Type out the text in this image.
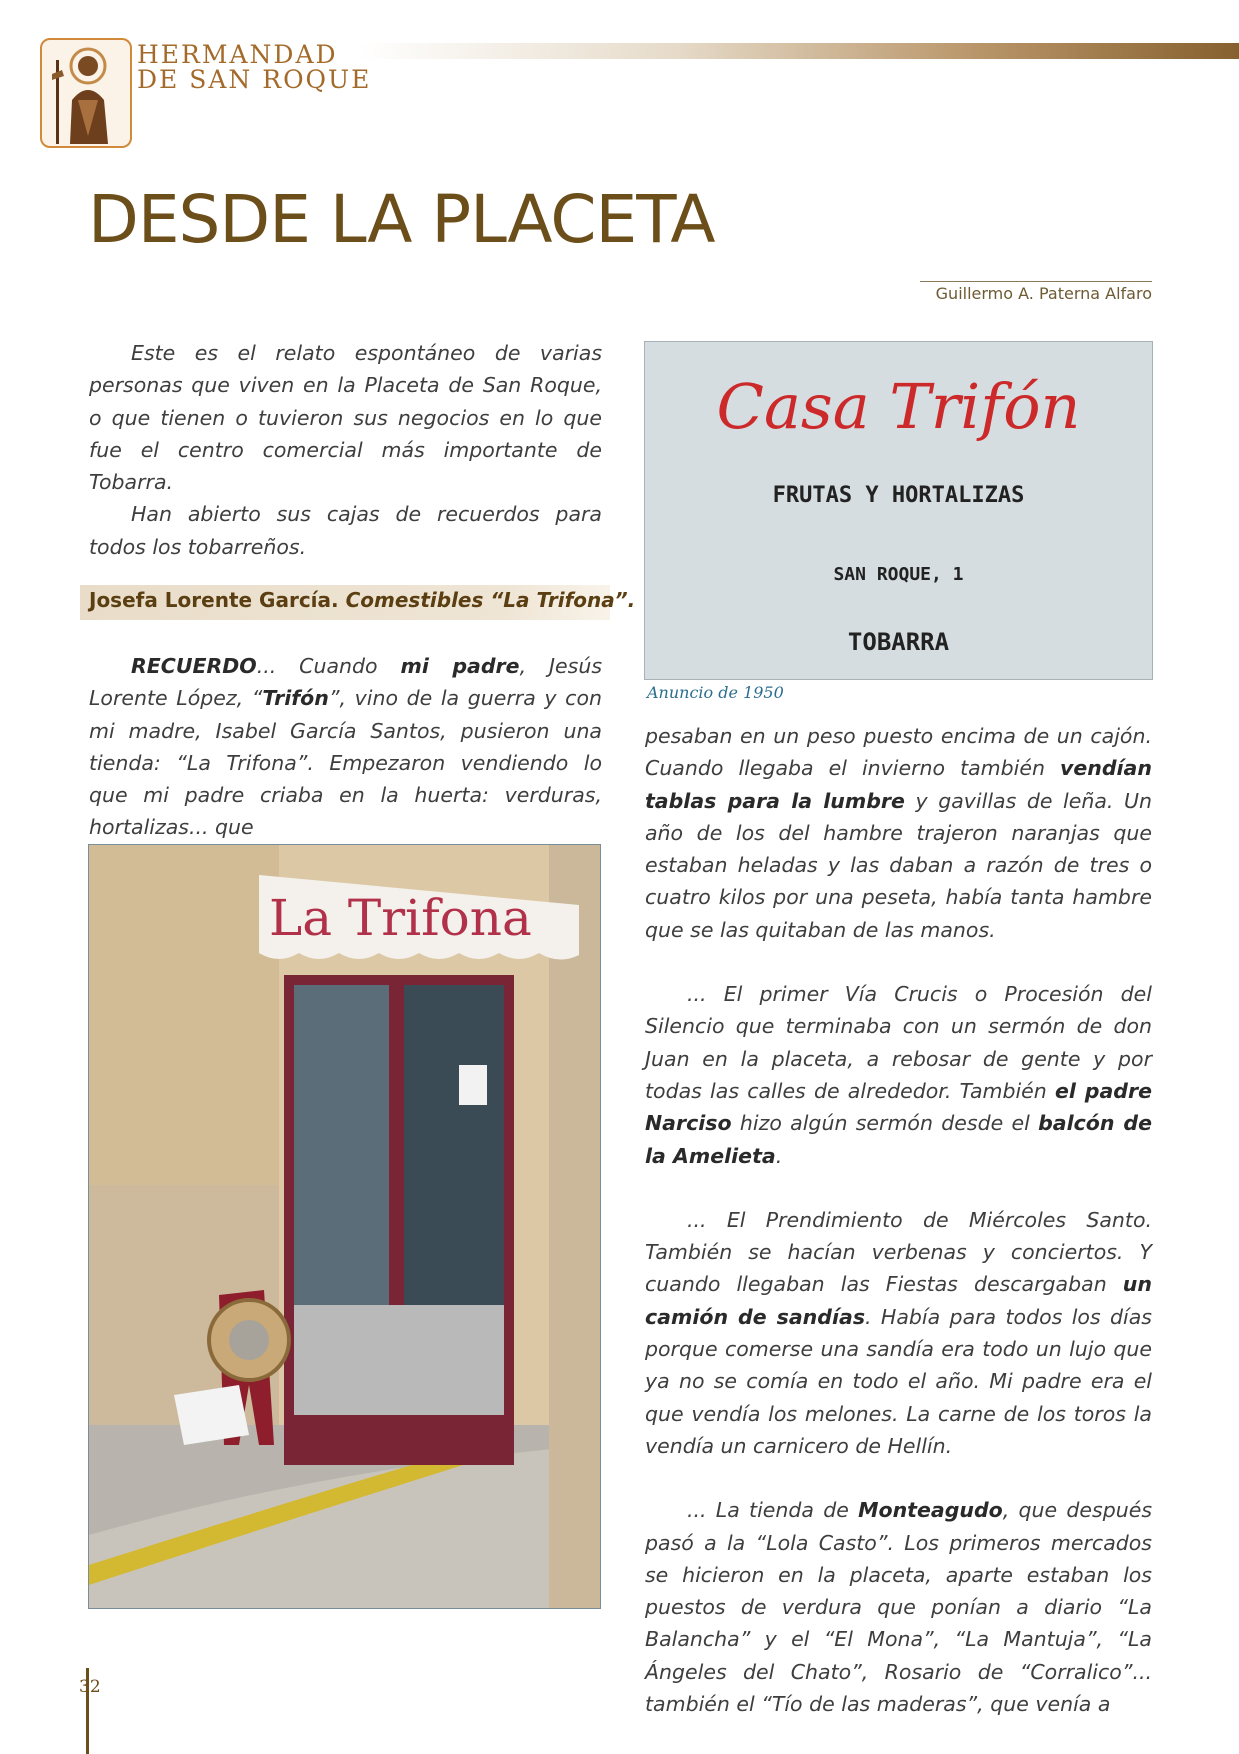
HERMANDAD
DE SAN ROQUE
DESDE LA PLACETA
Guillermo A. Paterna Alfaro

Este es el relato espontáneo de varias personas que viven en la Placeta de San Roque, o que tienen o tuvieron sus negocios en lo que fue el centro comercial más importante de Tobarra.

Han abierto sus cajas de recuerdos para todos los tobarreños.

Josefa Lorente García. Comestibles “La Trifona”.

RECUERDO... Cuando mi padre, Jesús Lorente López, “Trifón”, vino de la guerra y con mi madre, Isabel García Santos, pusieron una tienda: “La Trifona”. Empezaron vendiendo lo que mi padre criaba en la huerta: verduras, hortalizas... que

La Trifona
Casa Trifón
FRUTAS Y HORTALIZAS
SAN ROQUE, 1
TOBARRA
Anuncio de 1950

pesaban en un peso puesto encima de un cajón. Cuando llegaba el invierno también vendían tablas para la lumbre y gavillas de leña. Un año de los del hambre trajeron naranjas que estaban heladas y las daban a razón de tres o cuatro kilos por una peseta, había tanta hambre que se las quitaban de las manos.

... El primer Vía Crucis o Procesión del Silencio que terminaba con un sermón de don Juan en la placeta, a rebosar de gente y por todas las calles de alrededor. También el padre Narciso hizo algún sermón desde el balcón de la Amelieta.

... El Prendimiento de Miércoles Santo. También se hacían verbenas y conciertos. Y cuando llegaban las Fiestas descargaban un camión de sandías. Había para todos los días porque comerse una sandía era todo un lujo que ya no se comía en todo el año. Mi padre era el que vendía los melones. La carne de los toros la vendía un carnicero de Hellín.

... La tienda de Monteagudo, que después pasó a la “Lola Casto”. Los primeros mercados se hicieron en la placeta, aparte estaban los puestos de verdura que ponían a diario “La Balancha” y el “El Mona”, “La Mantuja”, “La Ángeles del Chato”, Rosario de “Corralico”... también el “Tío de las maderas”, que venía a

32
